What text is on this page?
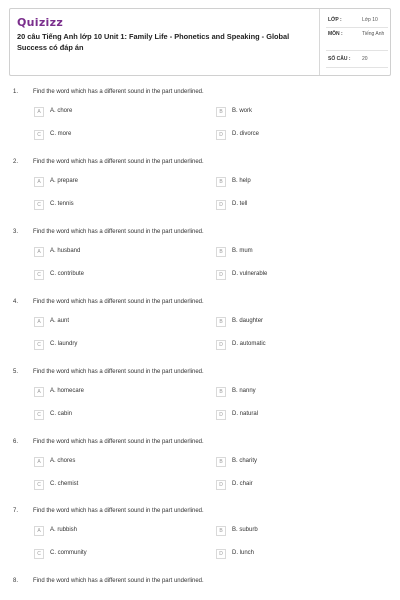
Quizizz
20 câu Tiếng Anh lớp 10 Unit 1: Family Life - Phonetics and Speaking - Global Success có đáp án
LỚP :	Lớp 10
MÔN :	Tiếng Anh
SỐ CÂU : 20
1. Find the word which has a different sound in the part underlined.
A	A. chore	B	B. work
C	C. more	D	D. divorce
2. Find the word which has a different sound in the part underlined.
A	A. prepare	B	B. help
C	C. tennis	D	D. tell
3. Find the word which has a different sound in the part underlined.
A	A. husband	B	B. mum
C	C. contribute	D	D. vulnerable
4. Find the word which has a different sound in the part underlined.
A	A. aunt	B	B. daughter
C	C. laundry	D	D. automatic
5. Find the word which has a different sound in the part underlined.
A	A. homecare	B	B. nanny
C	C. cabin	D	D. natural
6. Find the word which has a different sound in the part underlined.
A	A. chores	B	B. charity
C	C. chemist	D	D. chair
7. Find the word which has a different sound in the part underlined.
A	A. rubbish	B	B. suburb
C	C. community	D	D. lunch
8. Find the word which has a different sound in the part underlined.
